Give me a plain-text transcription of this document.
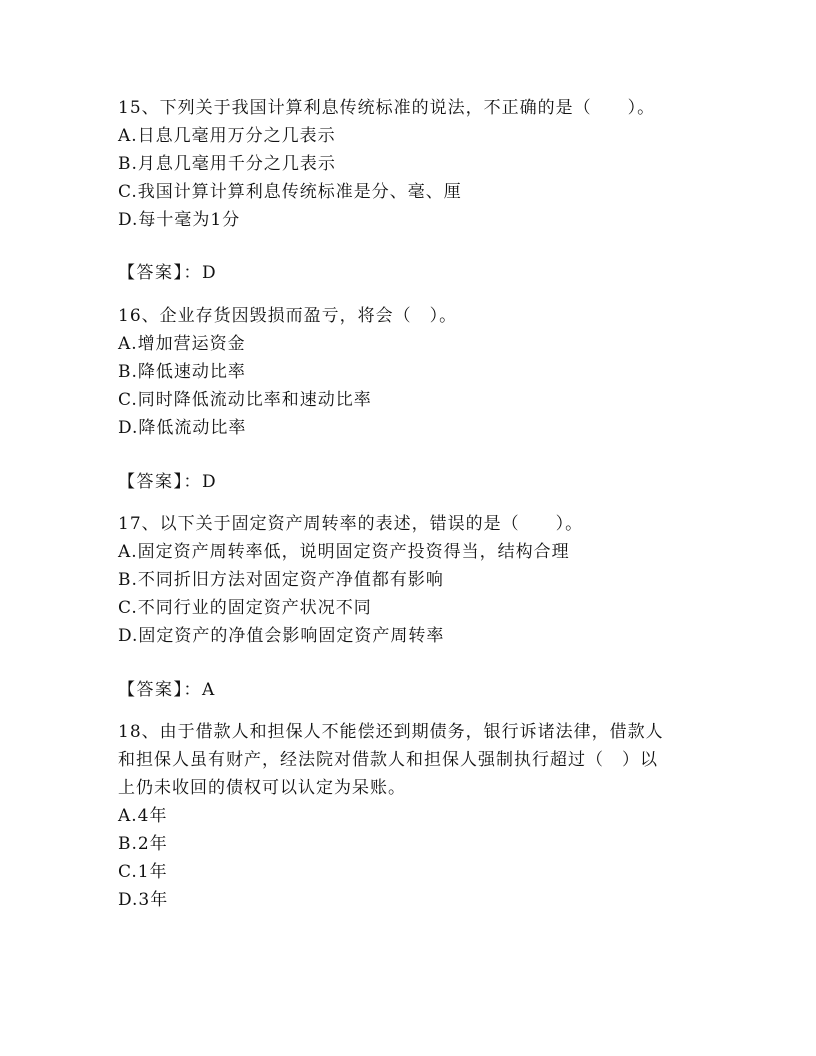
15、下列关于我国计算利息传统标准的说法，不正确的是（　　）。
A.日息几毫用万分之几表示
B.月息几毫用千分之几表示
C.我国计算计算利息传统标准是分、毫、厘
D.每十毫为1分
【答案】：D
16、企业存货因毁损而盈亏，将会（　）。
A.增加营运资金
B.降低速动比率
C.同时降低流动比率和速动比率
D.降低流动比率
【答案】：D
17、以下关于固定资产周转率的表述，错误的是（　　）。
A.固定资产周转率低，说明固定资产投资得当，结构合理
B.不同折旧方法对固定资产净值都有影响
C.不同行业的固定资产状况不同
D.固定资产的净值会影响固定资产周转率
【答案】：A
18、由于借款人和担保人不能偿还到期债务，银行诉诸法律，借款人
和担保人虽有财产，经法院对借款人和担保人强制执行超过（　）以
上仍未收回的债权可以认定为呆账。
A.4年
B.2年
C.1年
D.3年
